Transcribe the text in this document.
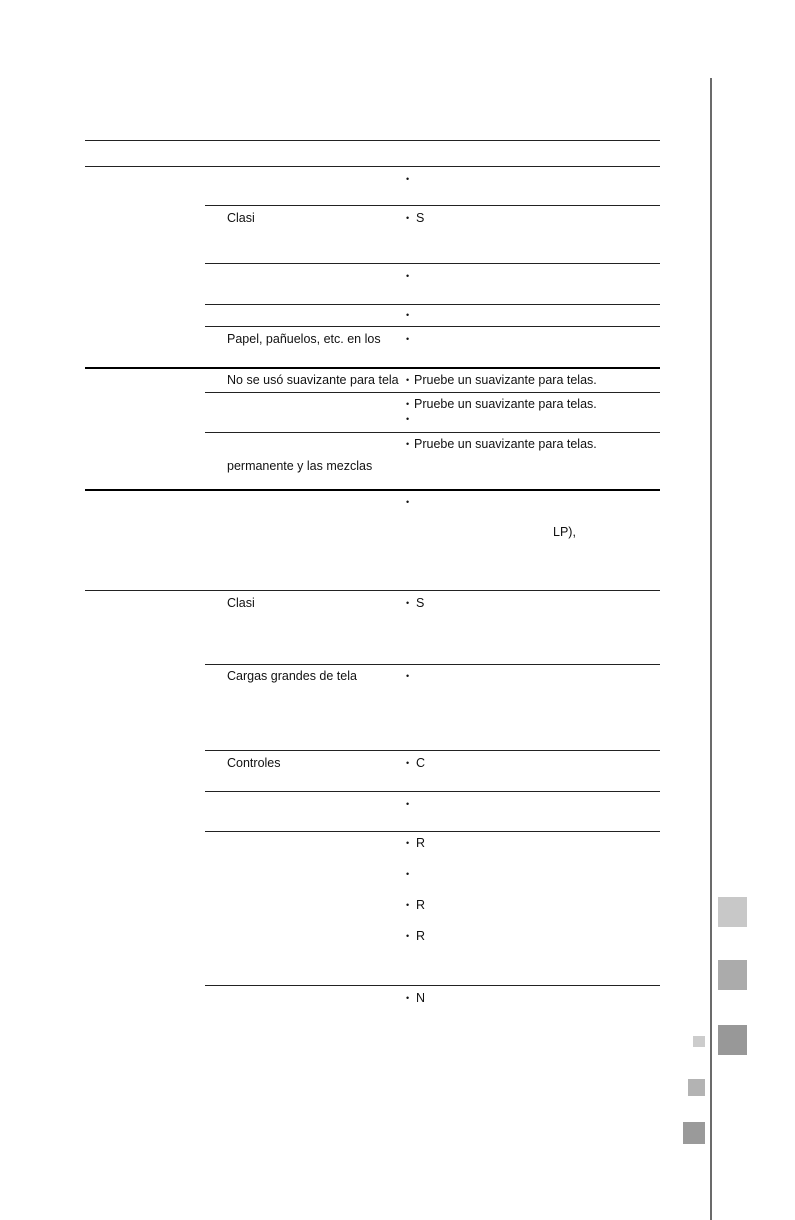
•
Clasi	• S
•
•
Papel, pañuelos, etc. en los	•
No se usó suavizante para tela • Pruebe un suavizante para telas.
• Pruebe un suavizante para telas.
•
• Pruebe un suavizante para telas.
permanente y las mezclas
•
LP),
Clasi	• S
Cargas grandes de tela	•
Controles	• C
•
• R
•
• R
• R
• N
